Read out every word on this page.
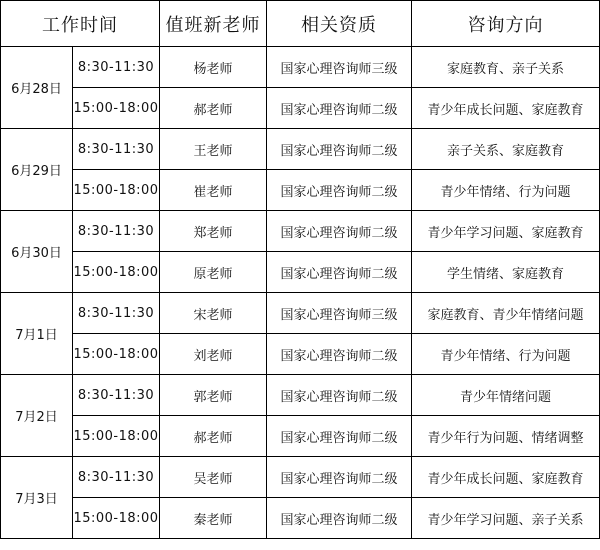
工作时间		值班新老师	相关资质	咨询方向
6月28日	8:30-11:30	杨老师	国家心理咨询师三级	家庭教育、亲子关系
	15:00-18:00	郝老师	国家心理咨询师二级	青少年成长问题、家庭教育
6月29日	8:30-11:30	王老师	国家心理咨询师二级	亲子关系、家庭教育
	15:00-18:00	崔老师	国家心理咨询师二级	青少年情绪、行为问题
6月30日	8:30-11:30	郑老师	国家心理咨询师二级	青少年学习问题、家庭教育
	15:00-18:00	原老师	国家心理咨询师二级	学生情绪、家庭教育
7月1日	8:30-11:30	宋老师	国家心理咨询师三级	家庭教育、青少年情绪问题
	15:00-18:00	刘老师	国家心理咨询师二级	青少年情绪、行为问题
7月2日	8:30-11:30	郭老师	国家心理咨询师二级	青少年情绪问题
	15:00-18:00	郝老师	国家心理咨询师二级	青少年行为问题、情绪调整
7月3日	8:30-11:30	吴老师	国家心理咨询师二级	青少年成长问题、家庭教育
	15:00-18:00	秦老师	国家心理咨询师二级	青少年学习问题、亲子关系
